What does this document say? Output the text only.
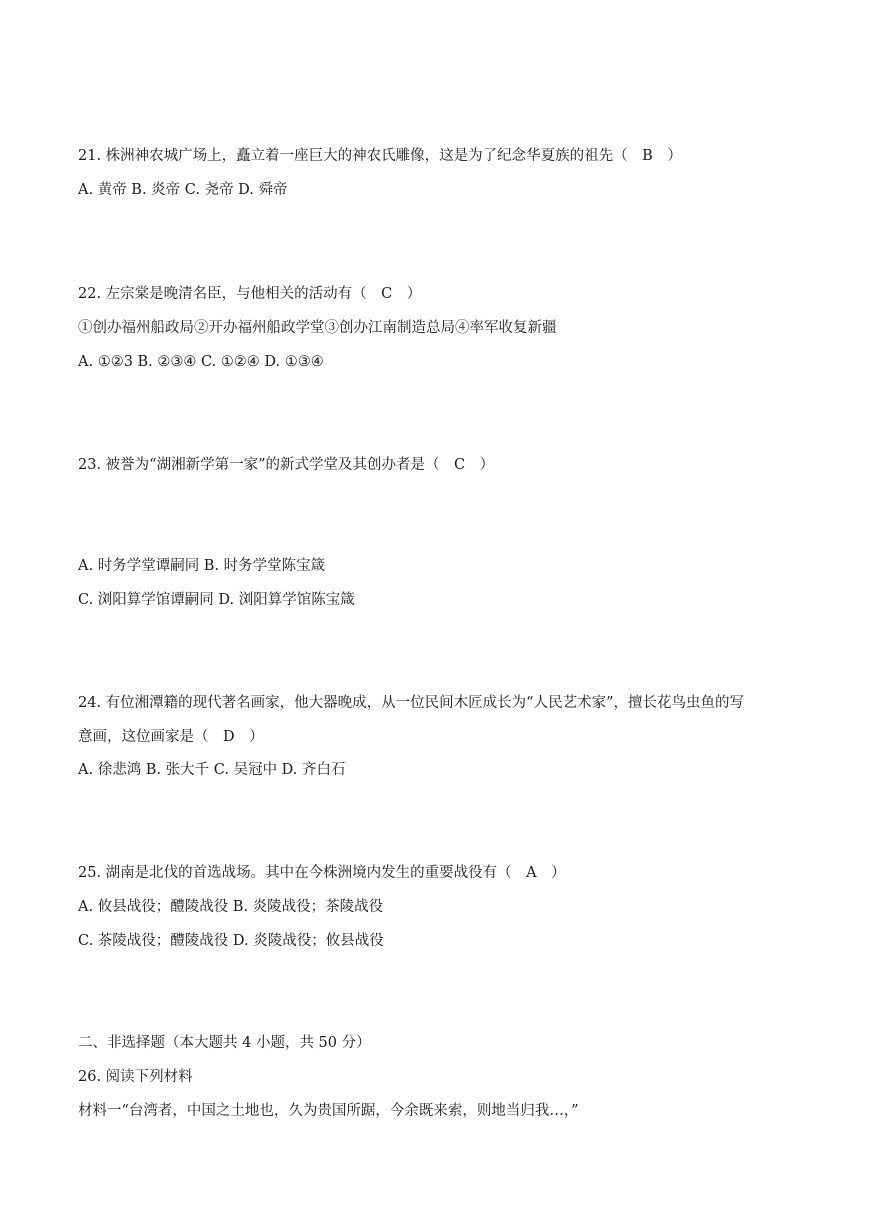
21. 株洲神农城广场上，矗立着一座巨大的神农氏雕像，这是为了纪念华夏族的祖先（　B　）
A. 黄帝 B. 炎帝 C. 尧帝 D. 舜帝
22. 左宗棠是晚清名臣，与他相关的活动有（　C　）
①创办福州船政局②开办福州船政学堂③创办江南制造总局④率军收复新疆
A. ①②3 B. ②③④ C. ①②④ D. ①③④
23. 被誉为“湖湘新学第一家”的新式学堂及其创办者是（　C　）
A. 时务学堂谭嗣同 B. 时务学堂陈宝箴
C. 浏阳算学馆谭嗣同 D. 浏阳算学馆陈宝箴
24. 有位湘潭籍的现代著名画家，他大器晚成，从一位民间木匠成长为“人民艺术家”，擅长花鸟虫鱼的写
意画，这位画家是（　D　）
A. 徐悲鸿 B. 张大千 C. 吴冠中 D. 齐白石
25. 湖南是北伐的首选战场。其中在今株洲境内发生的重要战役有（　A　）
A. 攸县战役；醴陵战役 B. 炎陵战役；茶陵战役
C. 茶陵战役；醴陵战役 D. 炎陵战役；攸县战役
二、非选择题（本大题共 4 小题，共 50 分）
26. 阅读下列材料
材料一“台湾者，中国之土地也，久为贵国所踞，今余既来索，则地当归我…，”
